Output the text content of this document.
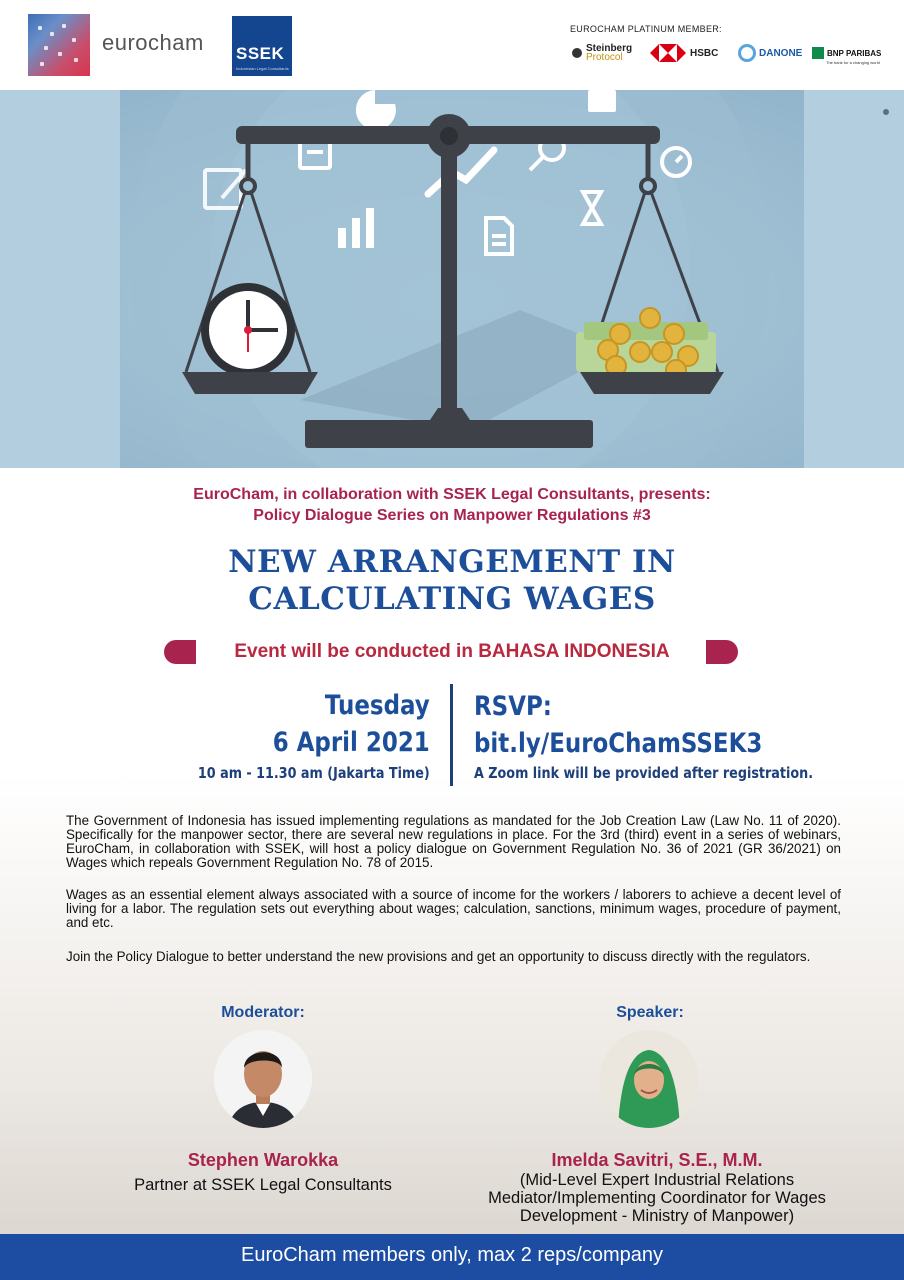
eurocham SSEK
Indonesian Legal Consultants
EUROCHAM PLATINUM MEMBER:
Steinberg
Protocol	HSBC	DANONE	BNP PARIBAS
The bank for a changing world
EuroCham, in collaboration with SSEK Legal Consultants, presents:
Policy Dialogue Series on Manpower Regulations #3
NEW ARRANGEMENT IN
CALCULATING WAGES
Event will be conducted in BAHASA INDONESIA
Tuesday
6 April 2021
10 am - 11.30 am (Jakarta Time)
RSVP:
bit.ly/EuroChamSSEK3
A Zoom link will be provided after registration.

The Government of Indonesia has issued implementing regulations as mandated for the Job Creation Law (Law No. 11 of 2020). Specifically for the manpower sector, there are several new regulations in place. For the 3rd (third) event in a series of webinars, EuroCham, in collaboration with SSEK, will host a policy dialogue on Government Regulation No. 36 of 2021 (GR 36/2021) on Wages which repeals Government Regulation No. 78 of 2015.

Wages as an essential element always associated with a source of income for the workers / laborers to achieve a decent level of living for a labor. The regulation sets out everything about wages; calculation, sanctions, minimum wages, procedure of payment, and etc.

Join the Policy Dialogue to better understand the new provisions and get an opportunity to discuss directly with the regulators.

Moderator:	Speaker:
Stephen Warokka	Imelda Savitri, S.E., M.M.
Partner at SSEK Legal Consultants	(Mid-Level Expert Industrial Relations Mediator/Implementing Coordinator for Wages Development - Ministry of Manpower)
EuroCham members only, max 2 reps/company
